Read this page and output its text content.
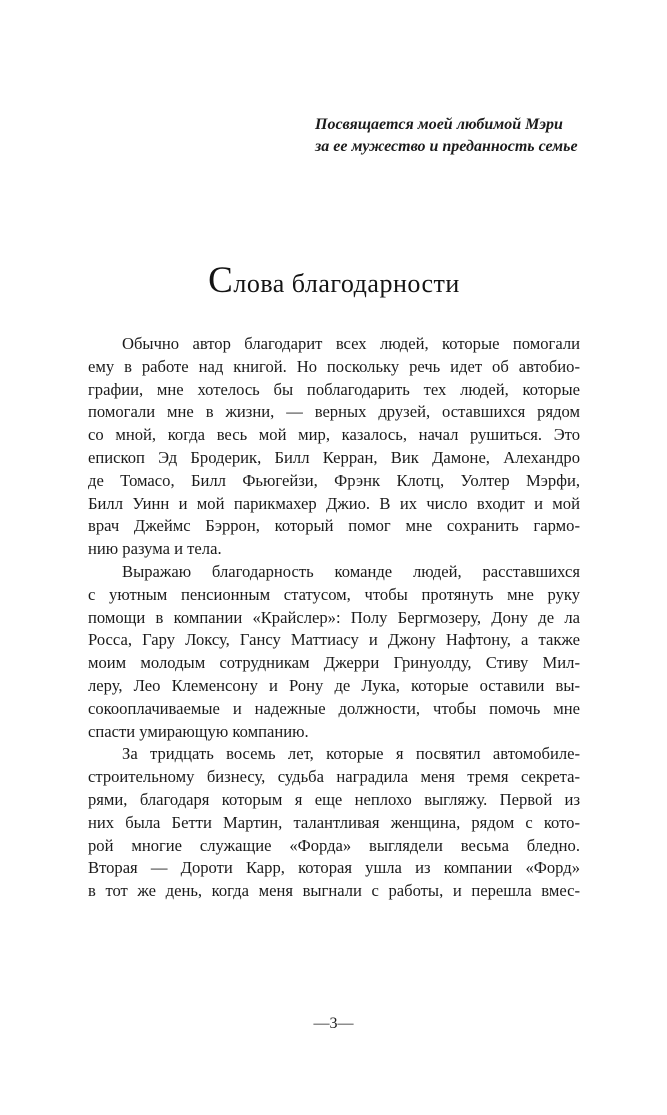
Посвящается моей любимой Мэри
за ее мужество и преданность семье
Слова благодарности
Обычно автор благодарит всех людей, которые помогали
ему в работе над книгой. Но поскольку речь идет об автобио-
графии, мне хотелось бы поблагодарить тех людей, которые
помогали мне в жизни, — верных друзей, оставшихся рядом
со мной, когда весь мой мир, казалось, начал рушиться. Это
епископ Эд Бродерик, Билл Керран, Вик Дамоне, Алехандро
де Томасо, Билл Фьюгейзи, Фрэнк Клотц, Уолтер Мэрфи,
Билл Уинн и мой парикмахер Джио. В их число входит и мой
врач Джеймс Бэррон, который помог мне сохранить гармо-
нию разума и тела.
Выражаю благодарность команде людей, расставшихся
с уютным пенсионным статусом, чтобы протянуть мне руку
помощи в компании «Крайслер»: Полу Бергмозеру, Дону де ла
Росса, Гару Локсу, Гансу Маттиасу и Джону Нафтону, а также
моим молодым сотрудникам Джерри Гринуолду, Стиву Мил-
леру, Лео Клеменсону и Рону де Лука, которые оставили вы-
сокооплачиваемые и надежные должности, чтобы помочь мне
спасти умирающую компанию.
За тридцать восемь лет, которые я посвятил автомобиле-
строительному бизнесу, судьба наградила меня тремя секрета-
рями, благодаря которым я еще неплохо выгляжу. Первой из
них была Бетти Мартин, талантливая женщина, рядом с кото-
рой многие служащие «Форда» выглядели весьма бледно.
Вторая — Дороти Карр, которая ушла из компании «Форд»
в тот же день, когда меня выгнали с работы, и перешла вмес-
—3—
